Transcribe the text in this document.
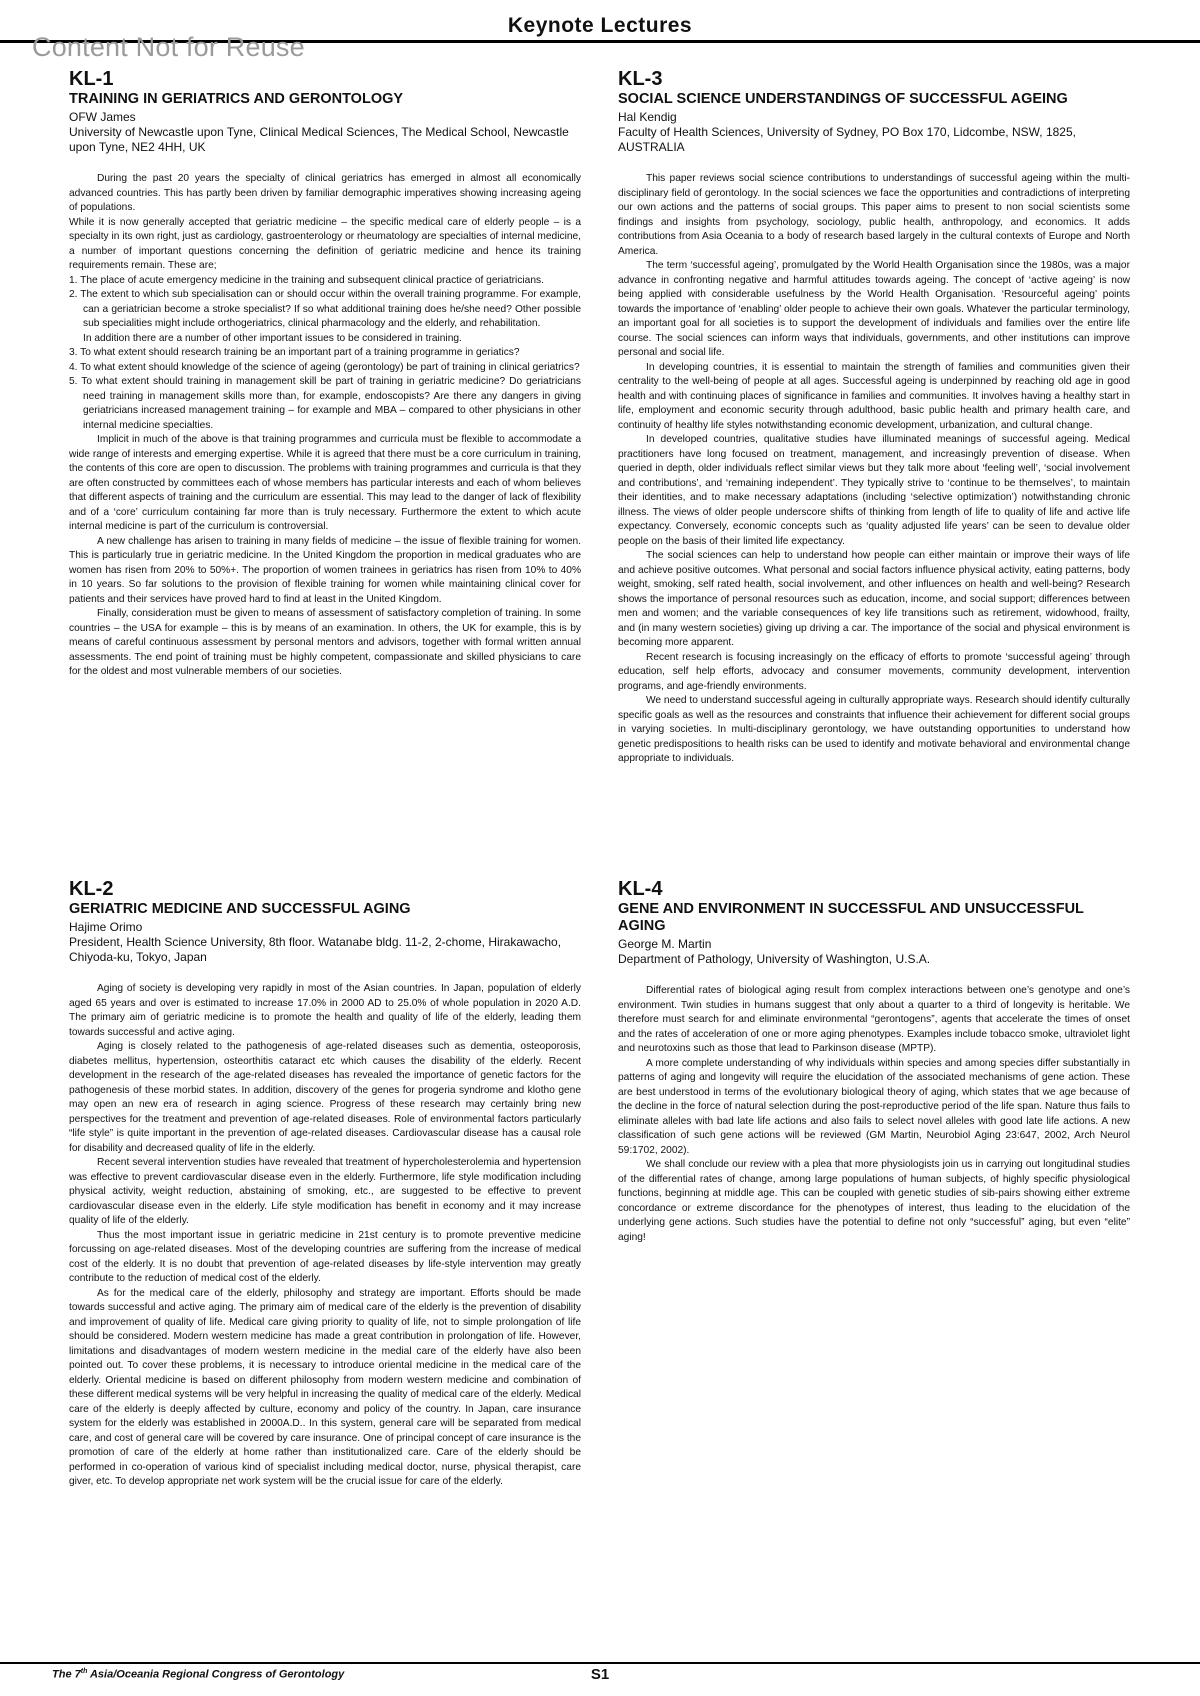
Keynote Lectures
Content Not for Reuse
KL-1
TRAINING IN GERIATRICS AND GERONTOLOGY
OFW James
University of Newcastle upon Tyne, Clinical Medical Sciences, The Medical School, Newcastle upon Tyne, NE2 4HH, UK

During the past 20 years the specialty of clinical geriatrics has emerged in almost all economically advanced countries. This has partly been driven by familiar demographic imperatives showing increasing ageing of populations.

While it is now generally accepted that geriatric medicine – the specific medical care of elderly people – is a specialty in its own right, just as cardiology, gastroenterology or rheumatology are specialties of internal medicine, a number of important questions concerning the definition of geriatric medicine and hence its training requirements remain. These are;

1. The place of acute emergency medicine in the training and subsequent clinical practice of geriatricians.

2. The extent to which sub specialisation can or should occur within the overall training programme. For example, can a geriatrician become a stroke specialist? If so what additional training does he/she need? Other possible sub specialities might include orthogeriatrics, clinical pharmacology and the elderly, and rehabilitation.

In addition there are a number of other important issues to be considered in training.

3. To what extent should research training be an important part of a training programme in geriatics?

4. To what extent should knowledge of the science of ageing (gerontology) be part of training in clinical geriatrics?

5. To what extent should training in management skill be part of training in geriatric medicine? Do geriatricians need training in management skills more than, for example, endoscopists? Are there any dangers in giving geriatricians increased management training – for example and MBA – compared to other physicians in other internal medicine specialties.

Implicit in much of the above is that training programmes and curricula must be flexible to accommodate a wide range of interests and emerging expertise. While it is agreed that there must be a core curriculum in training, the contents of this core are open to discussion. The problems with training programmes and curricula is that they are often constructed by committees each of whose members has particular interests and each of whom believes that different aspects of training and the curriculum are essential. This may lead to the danger of lack of flexibility and of a ‘core’ curriculum containing far more than is truly necessary. Furthermore the extent to which acute internal medicine is part of the curriculum is controversial.

A new challenge has arisen to training in many fields of medicine – the issue of flexible training for women. This is particularly true in geriatric medicine. In the United Kingdom the proportion in medical graduates who are women has risen from 20% to 50%+. The proportion of women trainees in geriatrics has risen from 10% to 40% in 10 years. So far solutions to the provision of flexible training for women while maintaining clinical cover for patients and their services have proved hard to find at least in the United Kingdom.

Finally, consideration must be given to means of assessment of satisfactory completion of training. In some countries – the USA for example – this is by means of an examination. In others, the UK for example, this is by means of careful continuous assessment by personal mentors and advisors, together with formal written annual assessments. The end point of training must be highly competent, compassionate and skilled physicians to care for the oldest and most vulnerable members of our societies.

KL-2
GERIATRIC MEDICINE AND SUCCESSFUL AGING
Hajime Orimo
President, Health Science University, 8th floor. Watanabe bldg. 11-2, 2-chome, Hirakawacho, Chiyoda-ku, Tokyo, Japan

Aging of society is developing very rapidly in most of the Asian countries. In Japan, population of elderly aged 65 years and over is estimated to increase 17.0% in 2000 AD to 25.0% of whole population in 2020 A.D. The primary aim of geriatric medicine is to promote the health and quality of life of the elderly, leading them towards successful and active aging.

Aging is closely related to the pathogenesis of age-related diseases such as dementia, osteoporosis, diabetes mellitus, hypertension, osteorthitis cataract etc which causes the disability of the elderly. Recent development in the research of the age-related diseases has revealed the importance of genetic factors for the pathogenesis of these morbid states. In addition, discovery of the genes for progeria syndrome and klotho gene may open an new era of research in aging science. Progress of these research may certainly bring new perspectives for the treatment and prevention of age-related diseases. Role of environmental factors particularly “life style” is quite important in the prevention of age-related diseases. Cardiovascular disease has a causal role for disability and decreased quality of life in the elderly.

Recent several intervention studies have revealed that treatment of hypercholesterolemia and hypertension was effective to prevent cardiovascular disease even in the elderly. Furthermore, life style modification including physical activity, weight reduction, abstaining of smoking, etc., are suggested to be effective to prevent cardiovascular disease even in the elderly. Life style modification has benefit in economy and it may increase quality of life of the elderly.

Thus the most important issue in geriatric medicine in 21st century is to promote preventive medicine forcussing on age-related diseases. Most of the developing countries are suffering from the increase of medical cost of the elderly. It is no doubt that prevention of age-related diseases by life-style intervention may greatly contribute to the reduction of medical cost of the elderly.

As for the medical care of the elderly, philosophy and strategy are important. Efforts should be made towards successful and active aging. The primary aim of medical care of the elderly is the prevention of disability and improvement of quality of life. Medical care giving priority to quality of life, not to simple prolongation of life should be considered. Modern western medicine has made a great contribution in prolongation of life. However, limitations and disadvantages of modern western medicine in the medial care of the elderly have also been pointed out. To cover these problems, it is necessary to introduce oriental medicine in the medical care of the elderly. Oriental medicine is based on different philosophy from modern western medicine and combination of these different medical systems will be very helpful in increasing the quality of medical care of the elderly. Medical care of the elderly is deeply affected by culture, economy and policy of the country. In Japan, care insurance system for the elderly was established in 2000A.D.. In this system, general care will be separated from medical care, and cost of general care will be covered by care insurance. One of principal concept of care insurance is the promotion of care of the elderly at home rather than institutionalized care. Care of the elderly should be performed in co-operation of various kind of specialist including medical doctor, nurse, physical therapist, care giver, etc. To develop appropriate net work system will be the crucial issue for care of the elderly.

KL-3
SOCIAL SCIENCE UNDERSTANDINGS OF SUCCESSFUL AGEING
Hal Kendig
Faculty of Health Sciences, University of Sydney, PO Box 170, Lidcombe, NSW, 1825, AUSTRALIA

This paper reviews social science contributions to understandings of successful ageing within the multi-disciplinary field of gerontology. In the social sciences we face the opportunities and contradictions of interpreting our own actions and the patterns of social groups. This paper aims to present to non social scientists some findings and insights from psychology, sociology, public health, anthropology, and economics. It adds contributions from Asia Oceania to a body of research based largely in the cultural contexts of Europe and North America.

The term ‘successful ageing’, promulgated by the World Health Organisation since the 1980s, was a major advance in confronting negative and harmful attitudes towards ageing. The concept of ‘active ageing’ is now being applied with considerable usefulness by the World Health Organisation. ‘Resourceful ageing’ points towards the importance of ‘enabling’ older people to achieve their own goals. Whatever the particular terminology, an important goal for all societies is to support the development of individuals and families over the entire life course. The social sciences can inform ways that individuals, governments, and other institutions can improve personal and social life.

In developing countries, it is essential to maintain the strength of families and communities given their centrality to the well-being of people at all ages. Successful ageing is underpinned by reaching old age in good health and with continuing places of significance in families and communities. It involves having a healthy start in life, employment and economic security through adulthood, basic public health and primary health care, and continuity of healthy life styles notwithstanding economic development, urbanization, and cultural change.

In developed countries, qualitative studies have illuminated meanings of successful ageing. Medical practitioners have long focused on treatment, management, and increasingly prevention of disease. When queried in depth, older individuals reflect similar views but they talk more about ‘feeling well’, ‘social involvement and contributions’, and ‘remaining independent’. They typically strive to ‘continue to be themselves’, to maintain their identities, and to make necessary adaptations (including ‘selective optimization’) notwithstanding chronic illness. The views of older people underscore shifts of thinking from length of life to quality of life and active life expectancy. Conversely, economic concepts such as ‘quality adjusted life years’ can be seen to devalue older people on the basis of their limited life expectancy.

The social sciences can help to understand how people can either maintain or improve their ways of life and achieve positive outcomes. What personal and social factors influence physical activity, eating patterns, body weight, smoking, self rated health, social involvement, and other influences on health and well-being? Research shows the importance of personal resources such as education, income, and social support; differences between men and women; and the variable consequences of key life transitions such as retirement, widowhood, frailty, and (in many western societies) giving up driving a car. The importance of the social and physical environment is becoming more apparent.

Recent research is focusing increasingly on the efficacy of efforts to promote ‘successful ageing’ through education, self help efforts, advocacy and consumer movements, community development, intervention programs, and age-friendly environments.

We need to understand successful ageing in culturally appropriate ways. Research should identify culturally specific goals as well as the resources and constraints that influence their achievement for different social groups in varying societies. In multi-disciplinary gerontology, we have outstanding opportunities to understand how genetic predispositions to health risks can be used to identify and motivate behavioral and environmental change appropriate to individuals.

KL-4
GENE AND ENVIRONMENT IN SUCCESSFUL AND UNSUCCESSFUL AGING
George M. Martin
Department of Pathology, University of Washington, U.S.A.

Differential rates of biological aging result from complex interactions between one’s genotype and one’s environment. Twin studies in humans suggest that only about a quarter to a third of longevity is heritable. We therefore must search for and eliminate environmental “gerontogens”, agents that accelerate the times of onset and the rates of acceleration of one or more aging phenotypes. Examples include tobacco smoke, ultraviolet light and neurotoxins such as those that lead to Parkinson disease (MPTP).

A more complete understanding of why individuals within species and among species differ substantially in patterns of aging and longevity will require the elucidation of the associated mechanisms of gene action. These are best understood in terms of the evolutionary biological theory of aging, which states that we age because of the decline in the force of natural selection during the post-reproductive period of the life span. Nature thus fails to eliminate alleles with bad late life actions and also fails to select novel alleles with good late life actions. A new classification of such gene actions will be reviewed (GM Martin, Neurobiol Aging 23:647, 2002, Arch Neurol 59:1702, 2002).

We shall conclude our review with a plea that more physiologists join us in carrying out longitudinal studies of the differential rates of change, among large populations of human subjects, of highly specific physiological functions, beginning at middle age. This can be coupled with genetic studies of sib-pairs showing either extreme concordance or extreme discordance for the phenotypes of interest, thus leading to the elucidation of the underlying gene actions. Such studies have the potential to define not only “successful” aging, but even “elite” aging!

The 7th Asia/Oceania Regional Congress of Gerontology	S1
